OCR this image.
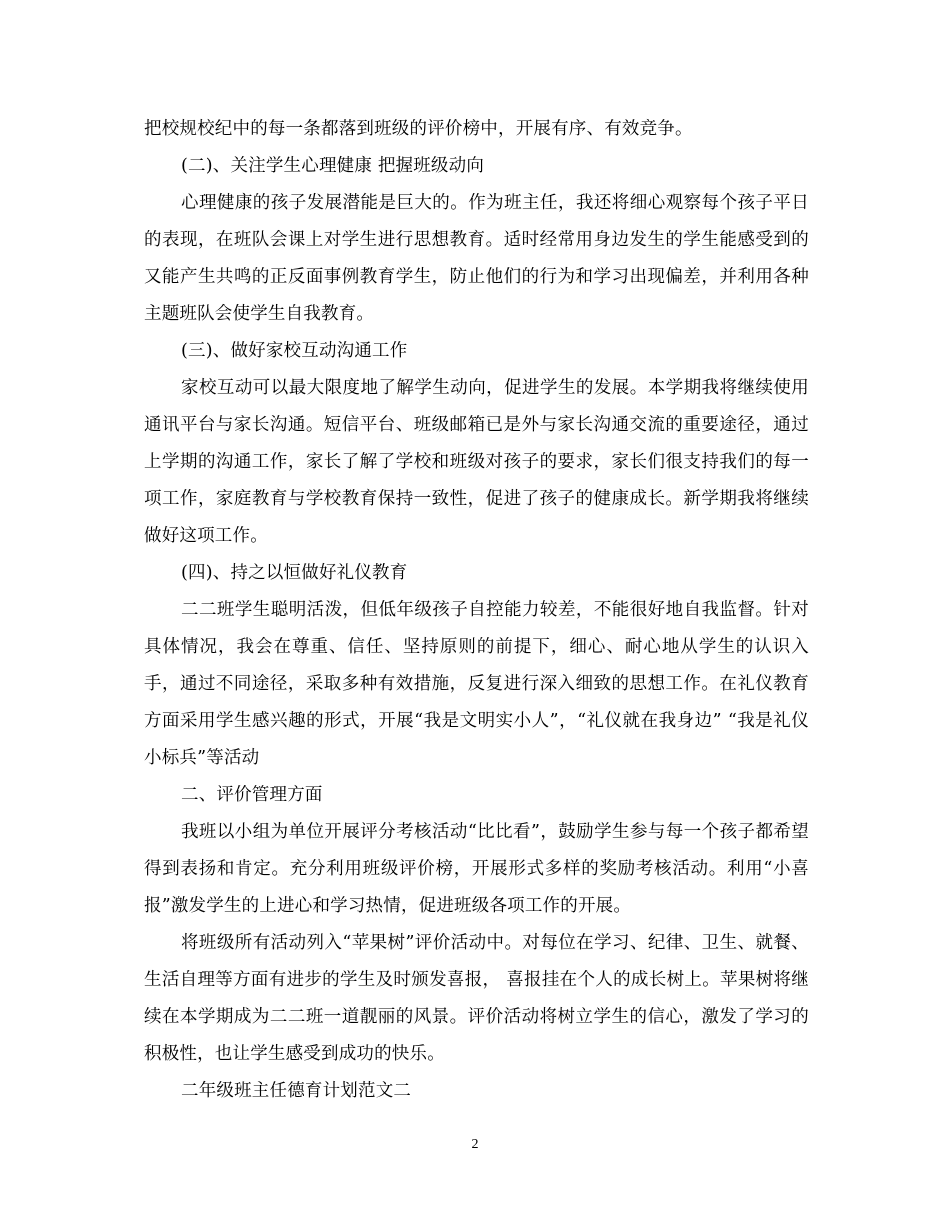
把校规校纪中的每一条都落到班级的评价榜中，开展有序、有效竞争。

(二)、关注学生心理健康 把握班级动向

心理健康的孩子发展潜能是巨大的。作为班主任，我还将细心观察每个孩子平日的表现，在班队会课上对学生进行思想教育。适时经常用身边发生的学生能感受到的又能产生共鸣的正反面事例教育学生，防止他们的行为和学习出现偏差，并利用各种主题班队会使学生自我教育。

(三)、做好家校互动沟通工作

家校互动可以最大限度地了解学生动向，促进学生的发展。本学期我将继续使用通讯平台与家长沟通。短信平台、班级邮箱已是外与家长沟通交流的重要途径，通过上学期的沟通工作，家长了解了学校和班级对孩子的要求，家长们很支持我们的每一项工作，家庭教育与学校教育保持一致性，促进了孩子的健康成长。新学期我将继续做好这项工作。

(四)、持之以恒做好礼仪教育

二二班学生聪明活泼，但低年级孩子自控能力较差，不能很好地自我监督。针对具体情况，我会在尊重、信任、坚持原则的前提下，细心、耐心地从学生的认识入手，通过不同途径，采取多种有效措施，反复进行深入细致的思想工作。在礼仪教育方面采用学生感兴趣的形式，开展“我是文明实小人”，“礼仪就在我身边” “我是礼仪小标兵”等活动

二、评价管理方面

我班以小组为单位开展评分考核活动“比比看”，鼓励学生参与每一个孩子都希望得到表扬和肯定。充分利用班级评价榜，开展形式多样的奖励考核活动。利用“小喜报”激发学生的上进心和学习热情，促进班级各项工作的开展。

将班级所有活动列入“苹果树”评价活动中。对每位在学习、纪律、卫生、就餐、生活自理等方面有进步的学生及时颁发喜报， 喜报挂在个人的成长树上。苹果树将继续在本学期成为二二班一道靓丽的风景。评价活动将树立学生的信心，激发了学习的积极性，也让学生感受到成功的快乐。

二年级班主任德育计划范文二

2
